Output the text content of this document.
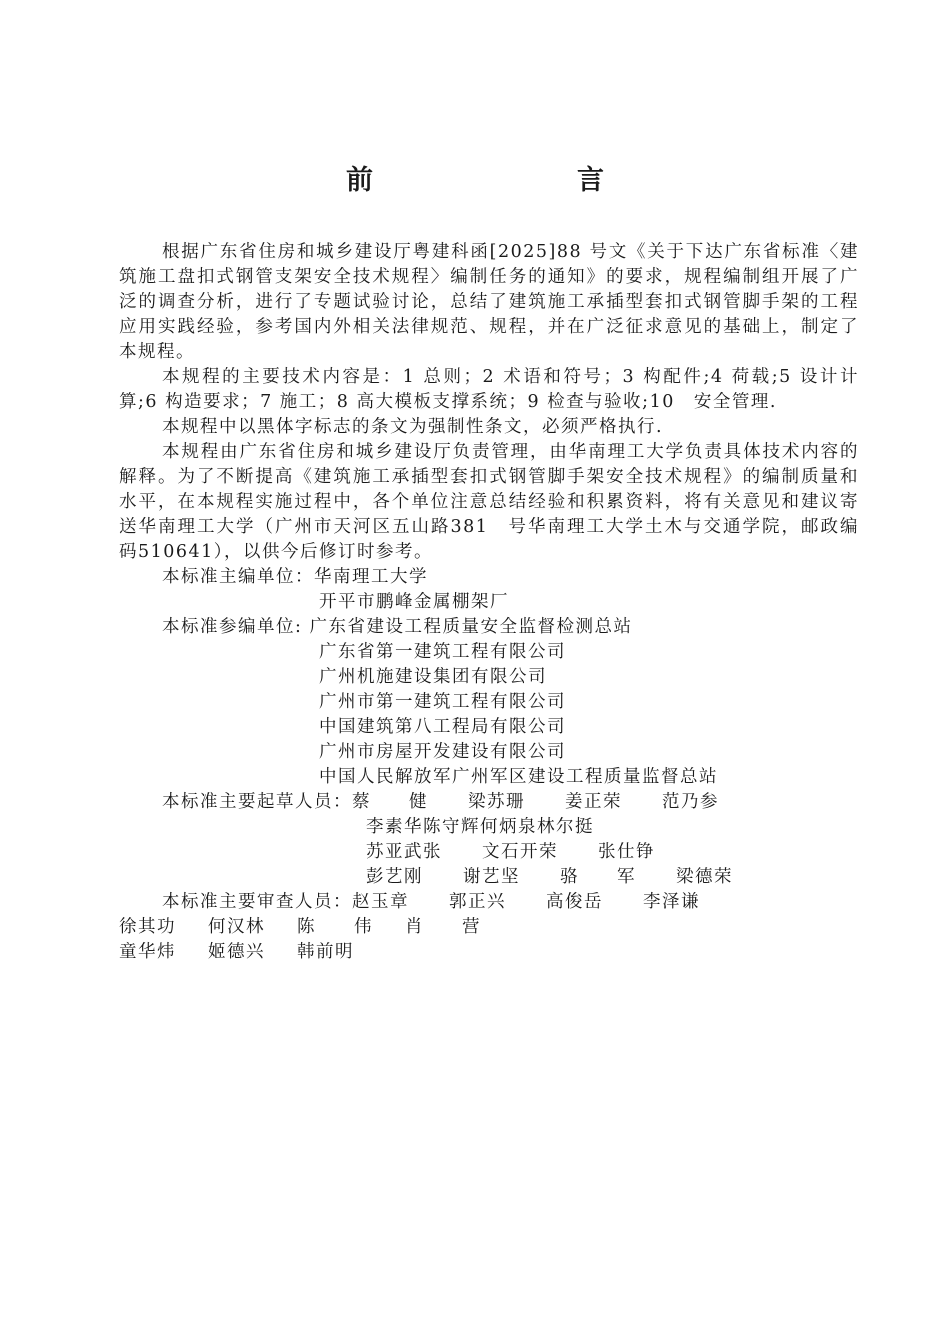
前　　言

根据广东省住房和城乡建设厅粤建科函[2025]88 号文《关于下达广东省标准〈建筑施工盘扣式钢管支架安全技术规程〉编制任务的通知》的要求，规程编制组开展了广泛的调查分析，进行了专题试验讨论，总结了建筑施工承插型套扣式钢管脚手架的工程应用实践经验，参考国内外相关法律规范、规程，并在广泛征求意见的基础上，制定了本规程。

本规程的主要技术内容是：1 总则；2 术语和符号；3 构配件;4 荷载;5 设计计算;6 构造要求；7 施工；8 高大模板支撑系统；9 检查与验收;10　安全管理.

本规程中以黑体字标志的条文为强制性条文，必须严格执行.

本规程由广东省住房和城乡建设厅负责管理，由华南理工大学负责具体技术内容的解释。为了不断提高《建筑施工承插型套扣式钢管脚手架安全技术规程》的编制质量和水平，在本规程实施过程中，各个单位注意总结经验和积累资料，将有关意见和建议寄送华南理工大学（广州市天河区五山路381　号华南理工大学土木与交通学院，邮政编码510641），以供今后修订时参考。

本标准主编单位：华南理工大学
开平市鹏峰金属棚架厂
本标准参编单位: 广东省建设工程质量安全监督检测总站
广东省第一建筑工程有限公司
广州机施建设集团有限公司
广州市第一建筑工程有限公司
中国建筑第八工程局有限公司
广州市房屋开发建设有限公司
中国人民解放军广州军区建设工程质量监督总站
本标准主要起草人员：蔡　　健 梁苏珊 姜正荣 范乃参
李素华陈守辉何炳泉林尔挺
苏亚武张 文石开荣 张仕铮
彭艺刚 谢艺坚 骆　　军 梁德荣
本标准主要审查人员：赵玉章 郭正兴 高俊岳 李泽谦
徐其功 何汉林 陈　　伟 肖　　营
童华炜 姬德兴 韩前明
